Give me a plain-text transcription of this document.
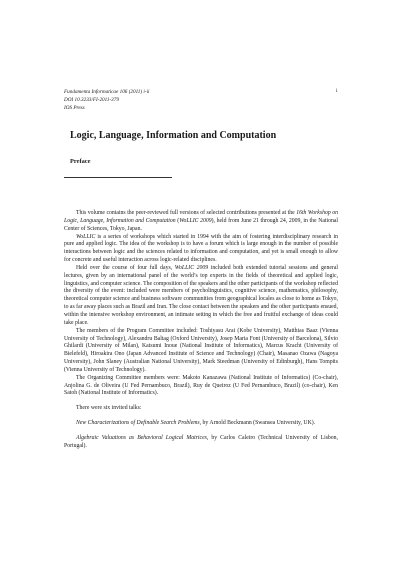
Fundamenta Informaticae 106 (2011) i-ii
DOI 10.3233/FI-2011-379
IOS Press
i
Logic, Language, Information and Computation
Preface

This volume contains the peer-reviewed full versions of selected contributions presented at the 16th Workshop on Logic, Language, Information and Computation (WoLLIC 2009), held from June 21 through 24, 2009, in the National Center of Sciences, Tokyo, Japan.

WoLLIC is a series of workshops which started in 1994 with the aim of fostering interdisciplinary research in pure and applied logic. The idea of the workshop is to have a forum which is large enough in the number of possible interactions between logic and the sciences related to information and computation, and yet is small enough to allow for concrete and useful interaction across logic-related disciplines.

Held over the course of four full days, WoLLIC 2009 included both extended tutorial sessions and general lectures, given by an international panel of the world’s top experts in the fields of theoretical and applied logic, linguistics, and computer science. The composition of the speakers and the other participants of the workshop reflected the diversity of the event: included were members of psycholinguistics, cognitive science, mathematics, philosophy, theoretical computer science and business software communities from geographical locales as close to home as Tokyo, to as far away places such as Brazil and Iran. The close contact between the speakers and the other participants ensued, within the intensive workshop environment, an intimate setting in which the free and fruitful exchange of ideas could take place.

The members of the Program Committee included: Toshiyasu Arai (Kobe University), Matthias Baaz (Vienna University of Technology), Alexandru Baltag (Oxford University), Josep Maria Font (University of Barcelona), Silvio Ghilardi (University of Milan), Katsumi Inoue (National Institute of Informatics), Marcus Kracht (University of Bielefeld), Hiroakira Ono (Japan Advanced Institute of Science and Technology) (Chair), Masanao Ozawa (Nagoya University), John Slaney (Australian National University), Mark Steedman (University of Edinburgh), Hans Tompits (Vienna University of Technology).

The Organizing Committee members were: Makoto Kanazawa (National Institute of Informatics) (Co-chair), Anjolina G. de Oliveira (U Fed Pernambuco, Brazil), Ruy de Queiroz (U Fed Pernambuco, Brazil) (co-chair), Ken Satoh (National Institute of Informatics).

There were six invited talks:

New Characterizations of Definable Search Problems, by Arnold Beckmann (Swansea University, UK).

Algebraic Valuations as Behavioral Logical Matrices, by Carlos Caleiro (Technical University of Lisbon, Portugal).
